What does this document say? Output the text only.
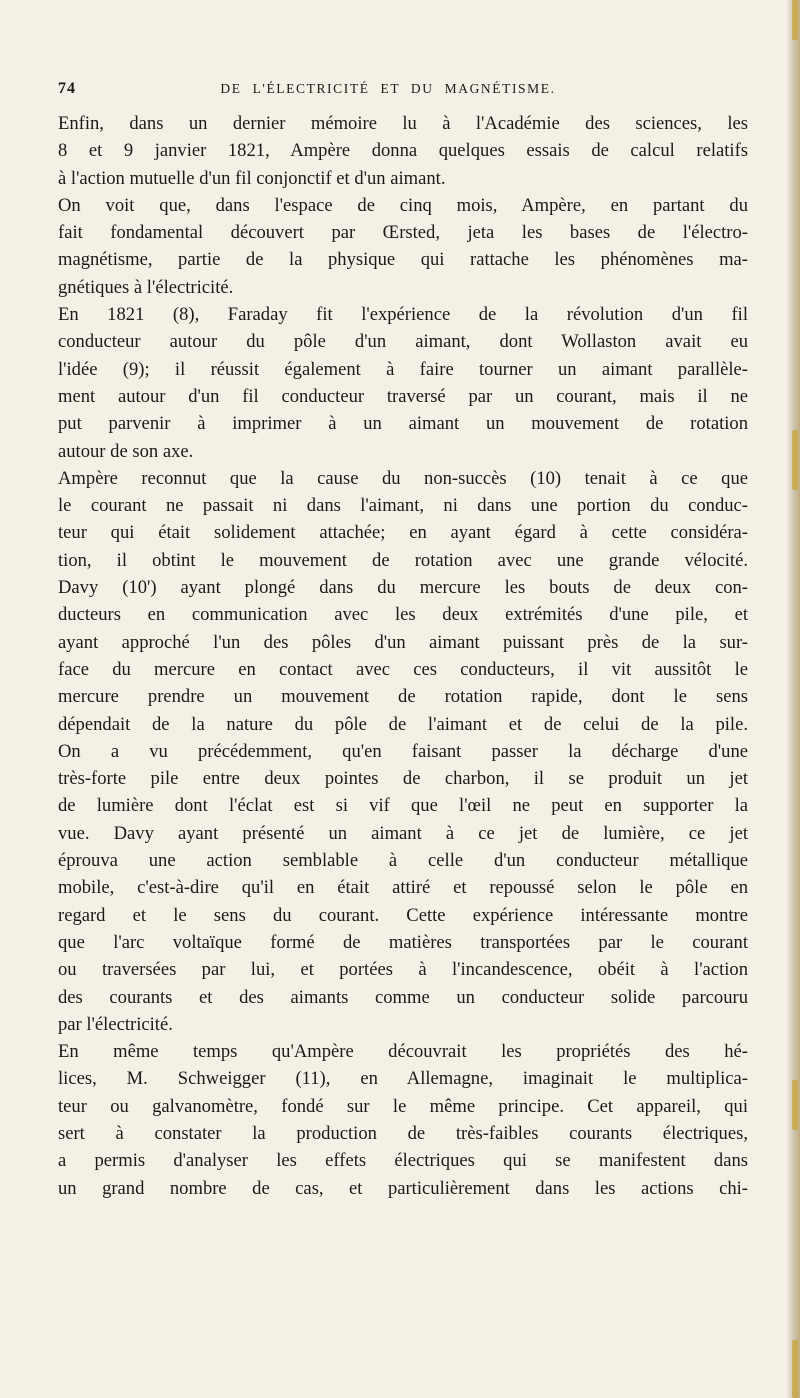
74	DE L'ÉLECTRICITÉ ET DU MAGNÉTISME.
Enfin, dans un dernier mémoire lu à l'Académie des sciences, les
8 et 9 janvier 1821, Ampère donna quelques essais de calcul relatifs
à l'action mutuelle d'un fil conjonctif et d'un aimant.
On voit que, dans l'espace de cinq mois, Ampère, en partant du
fait fondamental découvert par Œrsted, jeta les bases de l'électro-
magnétisme, partie de la physique qui rattache les phénomènes ma-
gnétiques à l'électricité.
En 1821 (8), Faraday fit l'expérience de la révolution d'un fil
conducteur autour du pôle d'un aimant, dont Wollaston avait eu
l'idée (9); il réussit également à faire tourner un aimant parallèle-
ment autour d'un fil conducteur traversé par un courant, mais il ne
put parvenir à imprimer à un aimant un mouvement de rotation
autour de son axe.
Ampère reconnut que la cause du non-succès (10) tenait à ce que
le courant ne passait ni dans l'aimant, ni dans une portion du conduc-
teur qui était solidement attachée; en ayant égard à cette considéra-
tion, il obtint le mouvement de rotation avec une grande vélocité.
Davy (10') ayant plongé dans du mercure les bouts de deux con-
ducteurs en communication avec les deux extrémités d'une pile, et
ayant approché l'un des pôles d'un aimant puissant près de la sur-
face du mercure en contact avec ces conducteurs, il vit aussitôt le
mercure prendre un mouvement de rotation rapide, dont le sens
dépendait de la nature du pôle de l'aimant et de celui de la pile.
On a vu précédemment, qu'en faisant passer la décharge d'une
très-forte pile entre deux pointes de charbon, il se produit un jet
de lumière dont l'éclat est si vif que l'œil ne peut en supporter la
vue. Davy ayant présenté un aimant à ce jet de lumière, ce jet
éprouva une action semblable à celle d'un conducteur métallique
mobile, c'est-à-dire qu'il en était attiré et repoussé selon le pôle en
regard et le sens du courant. Cette expérience intéressante montre
que l'arc voltaïque formé de matières transportées par le courant
ou traversées par lui, et portées à l'incandescence, obéit à l'action
des courants et des aimants comme un conducteur solide parcouru
par l'électricité.
En même temps qu'Ampère découvrait les propriétés des hé-
lices, M. Schweigger (11), en Allemagne, imaginait le multiplica-
teur ou galvanomètre, fondé sur le même principe. Cet appareil, qui
sert à constater la production de très-faibles courants électriques,
a permis d'analyser les effets électriques qui se manifestent dans
un grand nombre de cas, et particulièrement dans les actions chi-
